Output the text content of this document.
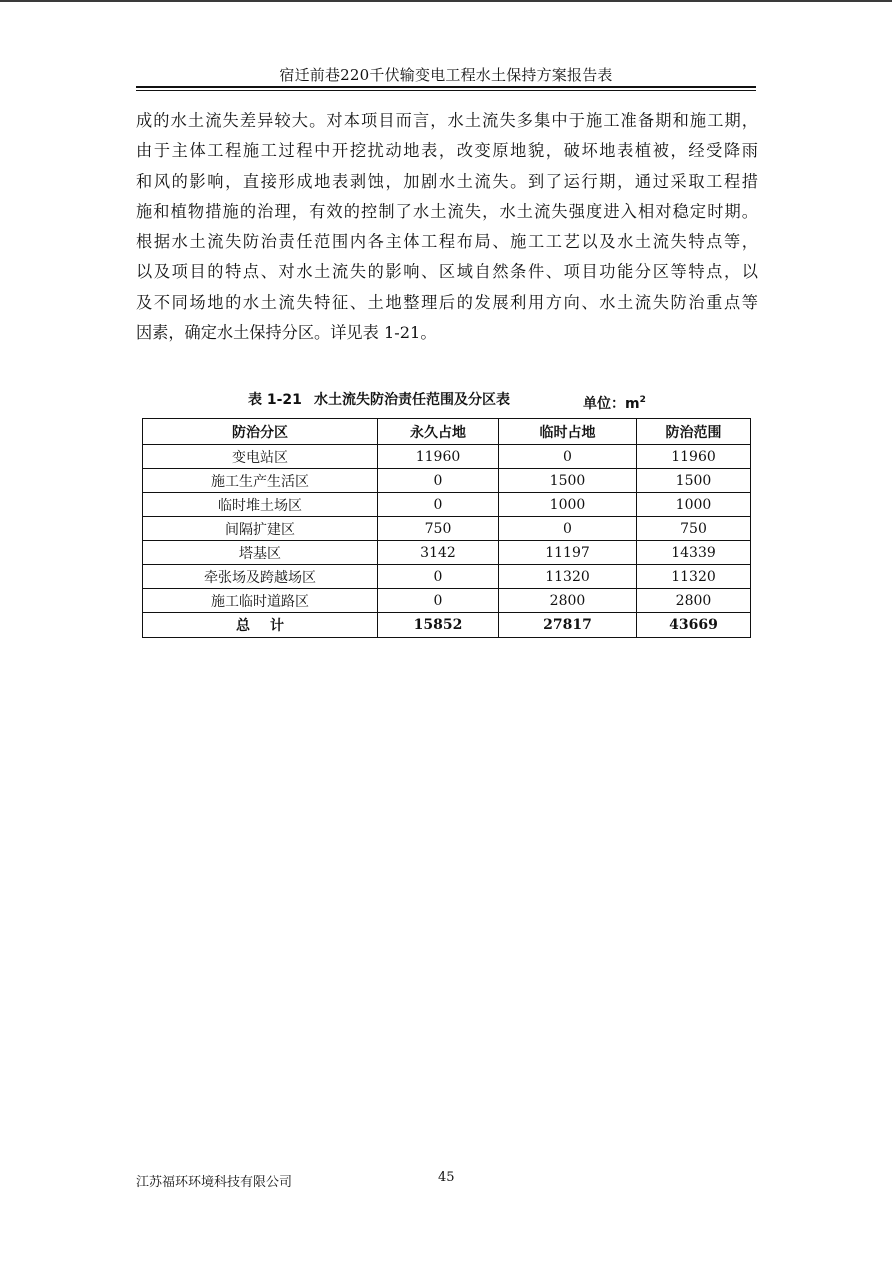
宿迁前巷220千伏输变电工程水土保持方案报告表
成的水土流失差异较大。对本项目而言，水土流失多集中于施工准备期和施工期，
由于主体工程施工过程中开挖扰动地表，改变原地貌，破坏地表植被，经受降雨
和风的影响，直接形成地表剥蚀，加剧水土流失。到了运行期，通过采取工程措
施和植物措施的治理，有效的控制了水土流失，水土流失强度进入相对稳定时期。
根据水土流失防治责任范围内各主体工程布局、施工工艺以及水土流失特点等，
以及项目的特点、对水土流失的影响、区域自然条件、项目功能分区等特点，以
及不同场地的水土流失特征、土地整理后的发展利用方向、水土流失防治重点等
因素，确定水土保持分区。详见表 1-21。
表 1-21 水土流失防治责任范围及分区表	单位：$m^2$
防治分区	永久占地	临时占地	防治范围
变电站区	11960	0	11960
施工生产生活区	0	1500	1500
临时堆土场区	0	1000	1000
间隔扩建区	750	0	750
塔基区	3142	11197	14339
牵张场及跨越场区	0	11320	11320
施工临时道路区	0	2800	2800
总计	15852	27817	43669
江苏福环环境科技有限公司	45
